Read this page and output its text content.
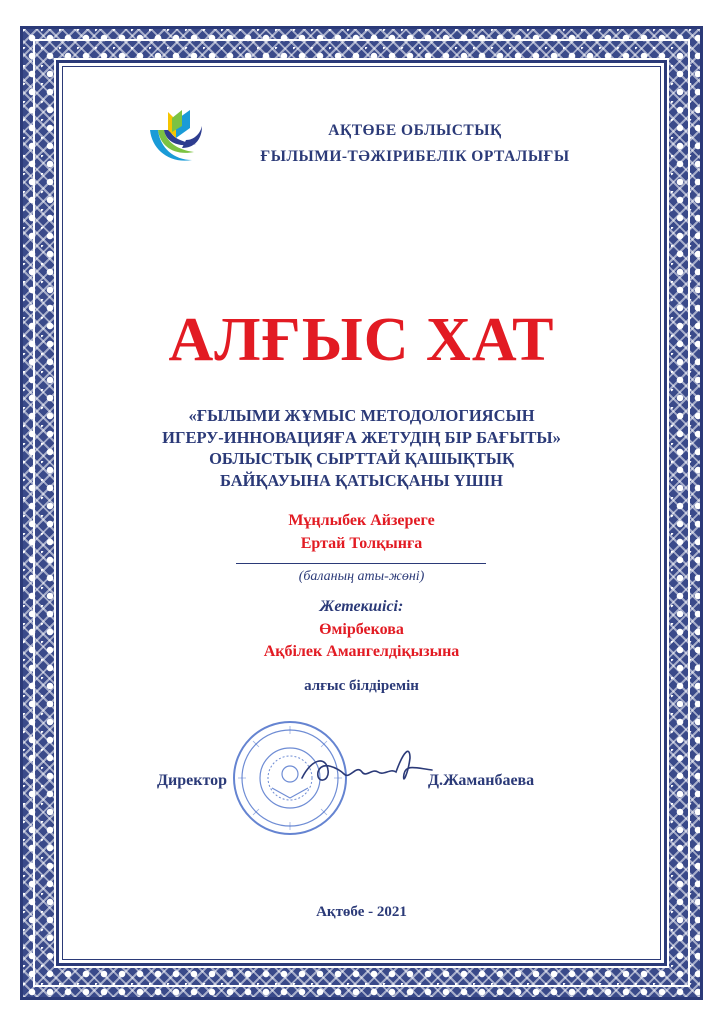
АҚТӨБЕ ОБЛЫСТЫҚ
ҒЫЛЫМИ-ТӘЖІРИБЕЛІК ОРТАЛЫҒЫ
АЛҒЫС ХАТ
«ҒЫЛЫМИ ЖҰМЫС МЕТОДОЛОГИЯСЫН
ИГЕРУ-ИННОВАЦИЯҒА ЖЕТУДІҢ БІР БАҒЫТЫ»
ОБЛЫСТЫҚ СЫРТТАЙ ҚАШЫҚТЫҚ
БАЙҚАУЫНА ҚАТЫСҚАНЫ ҮШІН
Мұңлыбек Айзереге
Ертай Толқынға
(баланың аты-жөні)
Жетекшісі:
Өмірбекова
Ақбілек Амангелдіқызына
алғыс білдіремін
Директор	Д.Жаманбаева
Ақтөбе - 2021
